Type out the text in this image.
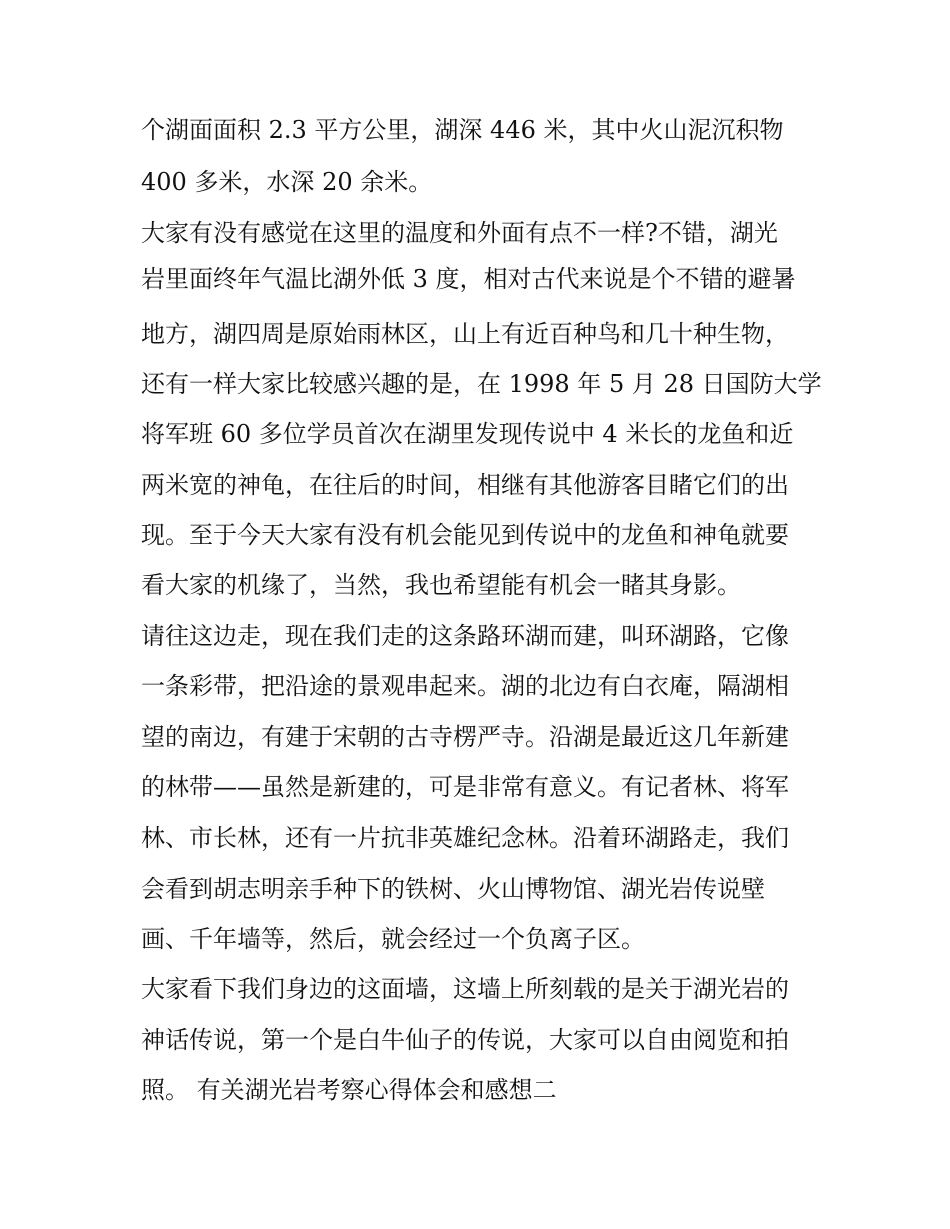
个湖面面积 2.3 平方公里，湖深 446 米，其中火山泥沉积物
400 多米，水深 20 余米。
大家有没有感觉在这里的温度和外面有点不一样?不错，湖光
岩里面终年气温比湖外低 3 度，相对古代来说是个不错的避暑
地方，湖四周是原始雨林区，山上有近百种鸟和几十种生物，
还有一样大家比较感兴趣的是，在 1998 年 5 月 28 日国防大学
将军班 60 多位学员首次在湖里发现传说中 4 米长的龙鱼和近
两米宽的神龟，在往后的时间，相继有其他游客目睹它们的出
现。至于今天大家有没有机会能见到传说中的龙鱼和神龟就要
看大家的机缘了，当然，我也希望能有机会一睹其身影。
请往这边走，现在我们走的这条路环湖而建，叫环湖路，它像
一条彩带，把沿途的景观串起来。湖的北边有白衣庵，隔湖相
望的南边，有建于宋朝的古寺楞严寺。沿湖是最近这几年新建
的林带——虽然是新建的，可是非常有意义。有记者林、将军
林、市长林，还有一片抗非英雄纪念林。沿着环湖路走，我们
会看到胡志明亲手种下的铁树、火山博物馆、湖光岩传说壁
画、千年墙等，然后，就会经过一个负离子区。
大家看下我们身边的这面墙，这墙上所刻载的是关于湖光岩的
神话传说，第一个是白牛仙子的传说，大家可以自由阅览和拍
照。 有关湖光岩考察心得体会和感想二
